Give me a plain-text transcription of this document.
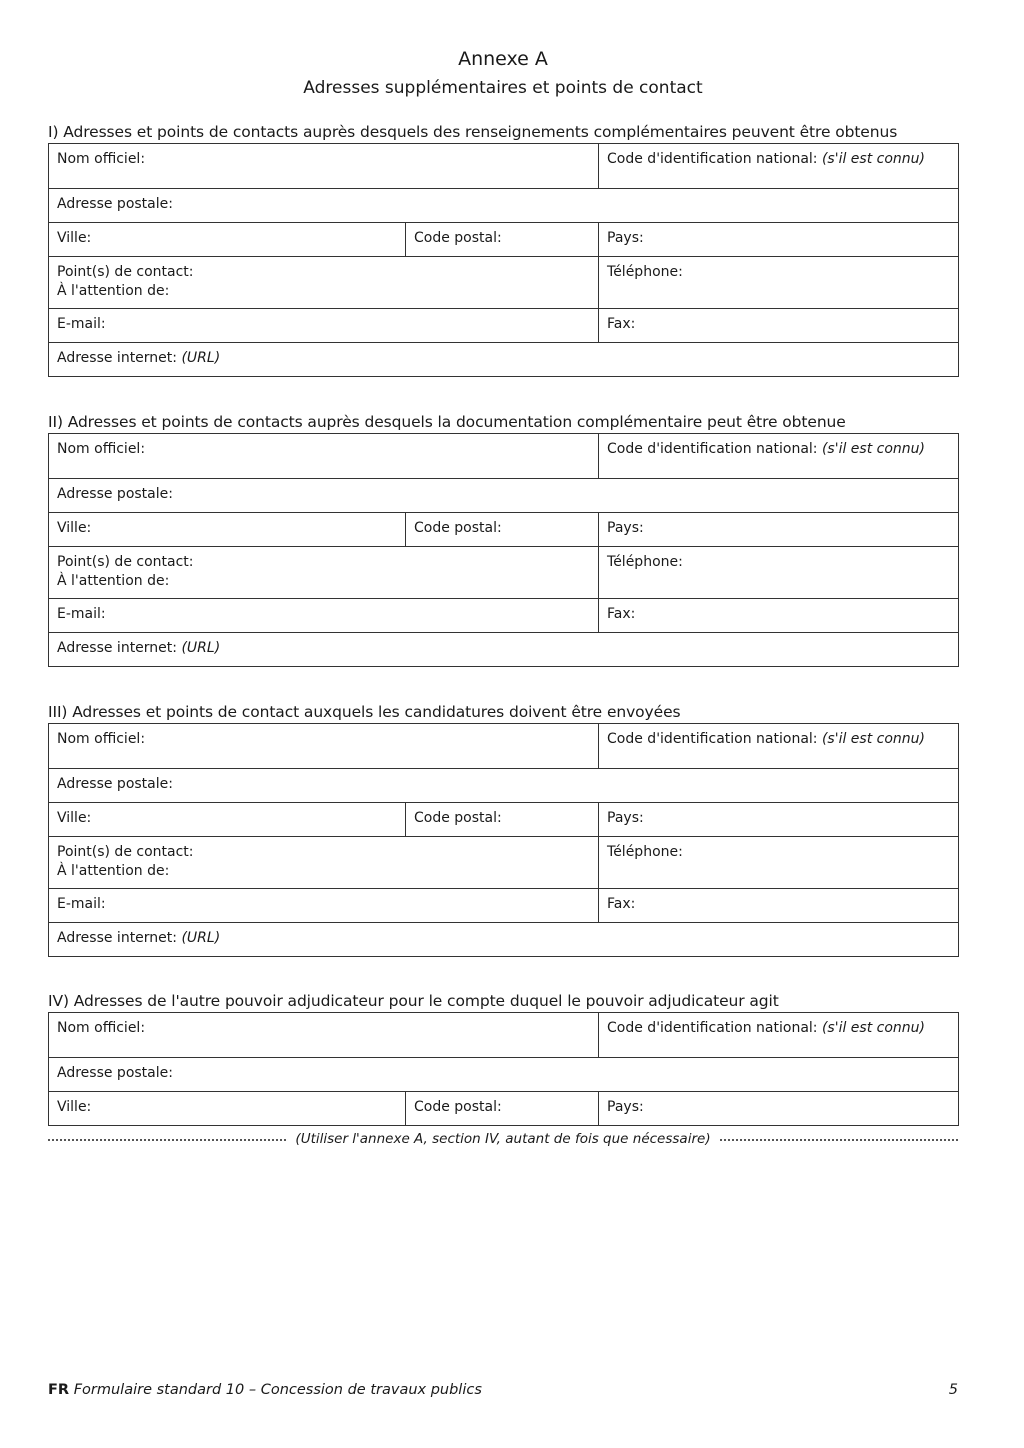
Annexe A
Adresses supplémentaires et points de contact
I) Adresses et points de contacts auprès desquels des renseignements complémentaires peuvent être obtenus
Nom officiel:		Code d'identification national: (s'il est connu)
Adresse postale:		
Ville:	Code postal:	Pays:
Point(s) de contact:
À l'attention de:		Téléphone:
E-mail:		Fax:
Adresse internet: (URL)		
II) Adresses et points de contacts auprès desquels la documentation complémentaire peut être obtenue
Nom officiel:		Code d'identification national: (s'il est connu)
Adresse postale:		
Ville:	Code postal:	Pays:
Point(s) de contact:
À l'attention de:		Téléphone:
E-mail:		Fax:
Adresse internet: (URL)		
III) Adresses et points de contact auxquels les candidatures doivent être envoyées
Nom officiel:		Code d'identification national: (s'il est connu)
Adresse postale:		
Ville:	Code postal:	Pays:
Point(s) de contact:
À l'attention de:		Téléphone:
E-mail:		Fax:
Adresse internet: (URL)		
IV) Adresses de l'autre pouvoir adjudicateur pour le compte duquel le pouvoir adjudicateur agit
Nom officiel:		Code d'identification national: (s'il est connu)
Adresse postale:		
Ville:	Code postal:	Pays:
(Utiliser l'annexe A, section IV, autant de fois que nécessaire)
FR Formulaire standard 10 – Concession de travaux publics	5
